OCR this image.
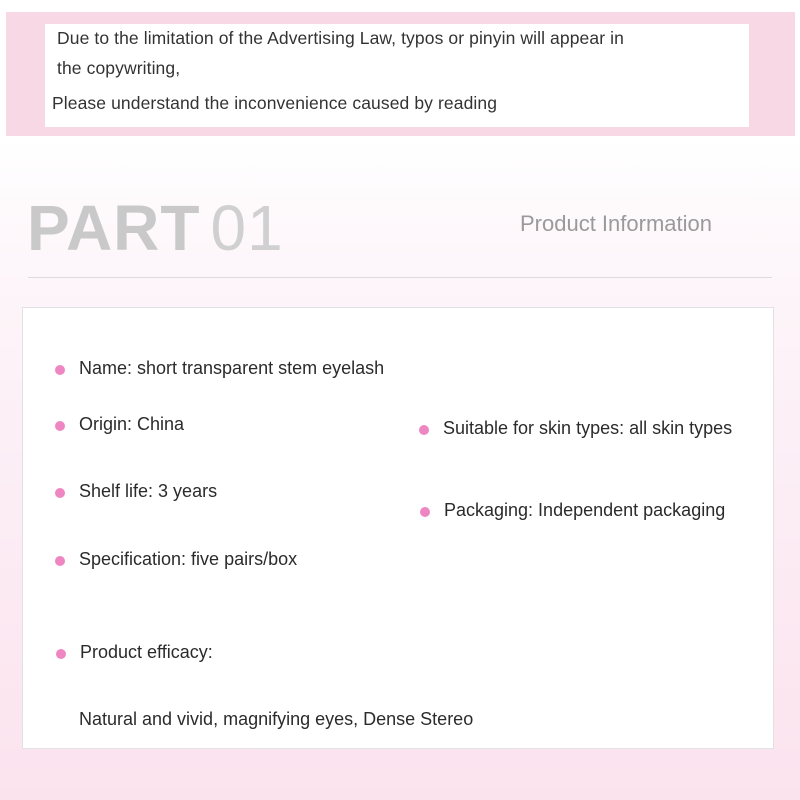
Due to the limitation of the Advertising Law, typos or pinyin will appear in
the copywriting,
Please understand the inconvenience caused by reading
PART 01	Product Information
Name: short transparent stem eyelash
Origin: China	Suitable for skin types: all skin types
Shelf life: 3 years
Packaging: Independent packaging
Specification: five pairs/box
Product efficacy:
Natural and vivid, magnifying eyes, Dense Stereo
